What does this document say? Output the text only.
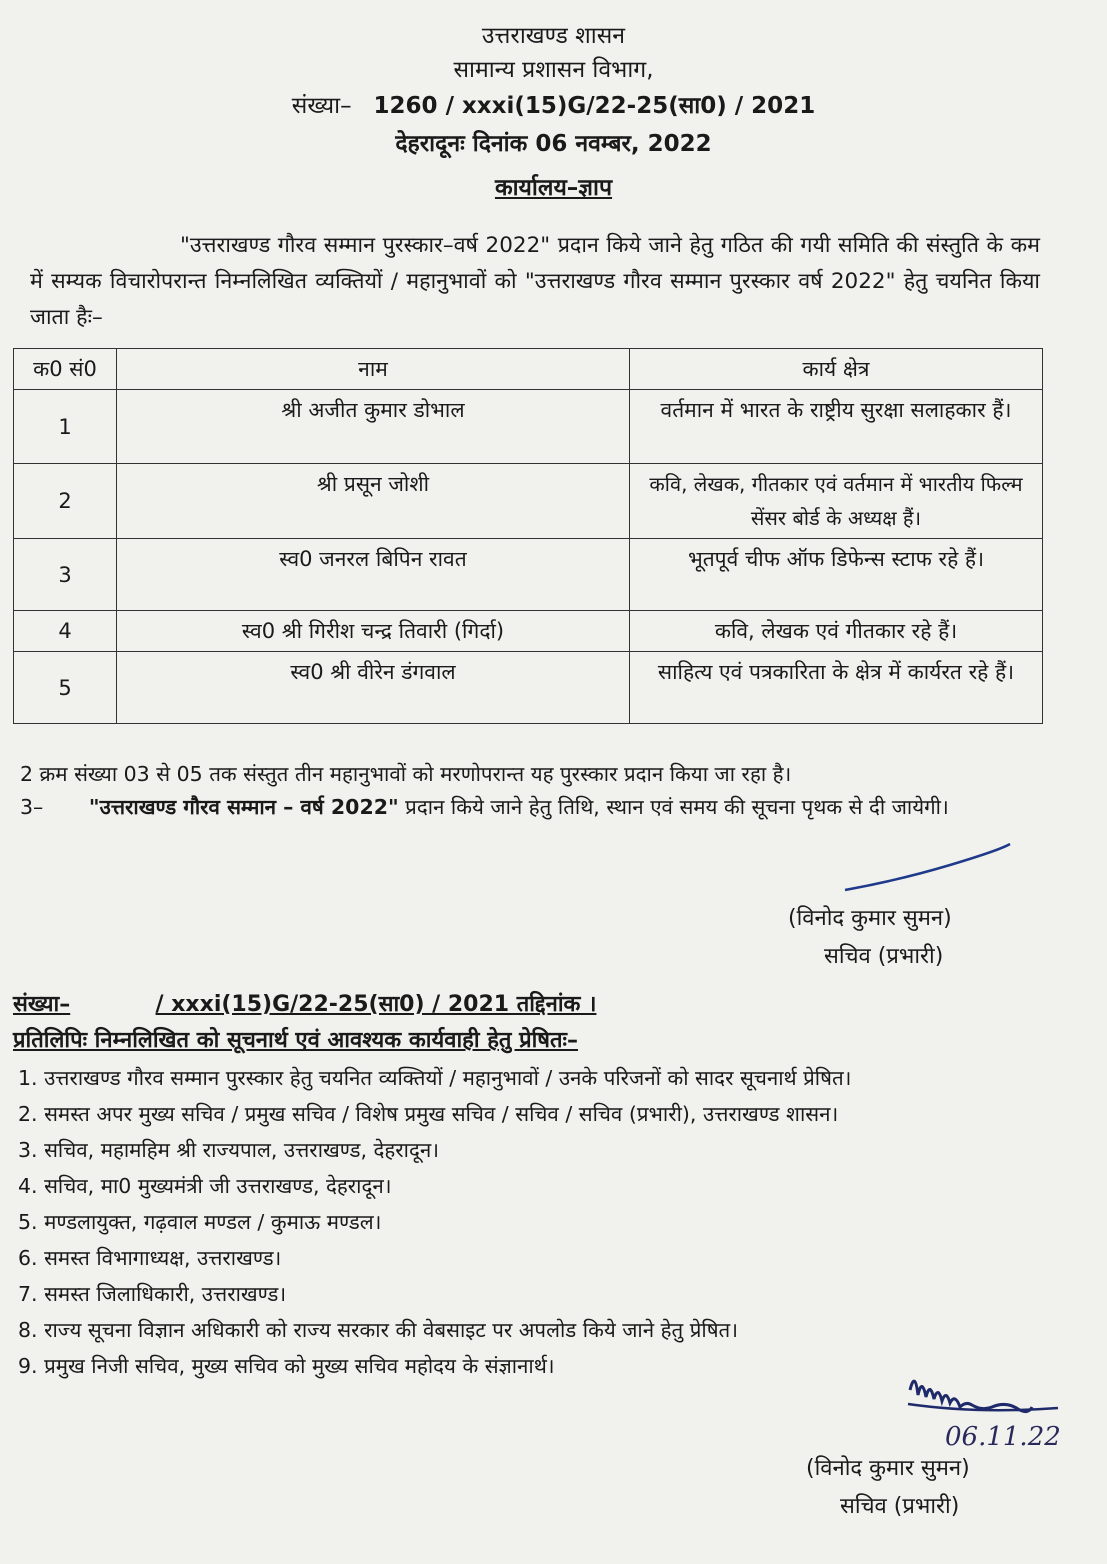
उत्तराखण्ड शासन
सामान्य प्रशासन विभाग,
संख्या– 1260 / xxxi(15)G/22-25(सा0) / 2021
देहरादूनः दिनांक 06 नवम्बर, 2022
कार्यालय–ज्ञाप
"उत्तराखण्ड गौरव सम्मान पुरस्कार–वर्ष 2022" प्रदान किये जाने हेतु गठित की गयी समिति की संस्तुति के कम में सम्यक विचारोपरान्त निम्नलिखित व्यक्तियों / महानुभावों को "उत्तराखण्ड गौरव सम्मान पुरस्कार वर्ष 2022" हेतु चयनित किया जाता हैः–
क0 सं0	नाम	कार्य क्षेत्र
1	श्री अजीत कुमार डोभाल	वर्तमान में भारत के राष्ट्रीय सुरक्षा सलाहकार हैं।
2	श्री प्रसून जोशी	कवि, लेखक, गीतकार एवं वर्तमान में भारतीय फिल्म सेंसर बोर्ड के अध्यक्ष हैं।
3	स्व0 जनरल बिपिन रावत	भूतपूर्व चीफ ऑफ डिफेन्स स्टाफ रहे हैं।
4	स्व0 श्री गिरीश चन्द्र तिवारी (गिर्दा)	कवि, लेखक एवं गीतकार रहे हैं।
5	स्व0 श्री वीरेन डंगवाल	साहित्य एवं पत्रकारिता के क्षेत्र में कार्यरत रहे हैं।
2 क्रम संख्या 03 से 05 तक संस्तुत तीन महानुभावों को मरणोपरान्त यह पुरस्कार प्रदान किया जा रहा है।
3– "उत्तराखण्ड गौरव सम्मान – वर्ष 2022" प्रदान किये जाने हेतु तिथि, स्थान एवं समय की सूचना पृथक से दी जायेगी।
(विनोद कुमार सुमन)
सचिव (प्रभारी)
संख्या–	/ xxxi(15)G/22-25(सा0) / 2021 तद्दिनांक ।
प्रतिलिपिः निम्नलिखित को सूचनार्थ एवं आवश्यक कार्यवाही हेतु प्रेषितः–
1. उत्तराखण्ड गौरव सम्मान पुरस्कार हेतु चयनित व्यक्तियों / महानुभावों / उनके परिजनों को सादर सूचनार्थ प्रेषित।
2. समस्त अपर मुख्य सचिव / प्रमुख सचिव / विशेष प्रमुख सचिव / सचिव / सचिव (प्रभारी), उत्तराखण्ड शासन।
3. सचिव, महामहिम श्री राज्यपाल, उत्तराखण्ड, देहरादून।
4. सचिव, मा0 मुख्यमंत्री जी उत्तराखण्ड, देहरादून।
5. मण्डलायुक्त, गढ़वाल मण्डल / कुमाऊ मण्डल।
6. समस्त विभागाध्यक्ष, उत्तराखण्ड।
7. समस्त जिलाधिकारी, उत्तराखण्ड।
8. राज्य सूचना विज्ञान अधिकारी को राज्य सरकार की वेबसाइट पर अपलोड किये जाने हेतु प्रेषित।
9. प्रमुख निजी सचिव, मुख्य सचिव को मुख्य सचिव महोदय के संज्ञानार्थ।
06.11.22
(विनोद कुमार सुमन)
सचिव (प्रभारी)
